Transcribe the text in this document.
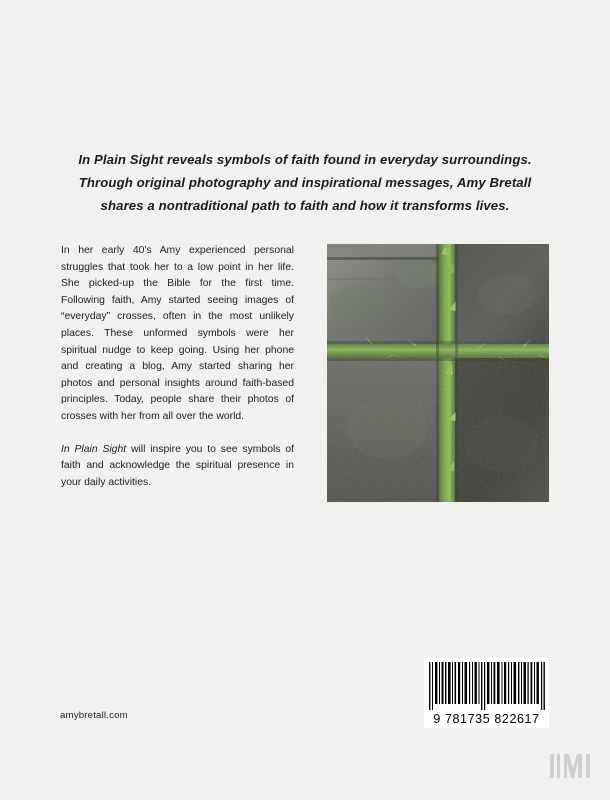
In Plain Sight reveals symbols of faith found in everyday surroundings.
Through original photography and inspirational messages, Amy Bretall
shares a nontraditional path to faith and how it transforms lives.

In her early 40's Amy experienced personal struggles that took her to a low point in her life. She picked-up the Bible for the first time. Following faith, Amy started seeing images of “everyday” crosses, often in the most unlikely places. These unformed symbols were her spiritual nudge to keep going. Using her phone and creating a blog, Amy started sharing her photos and personal insights around faith-based principles. Today, people share their photos of crosses with her from all over the world.

In Plain Sight will inspire you to see symbols of faith and acknowledge the spiritual presence in your daily activities.

amybretall.com	9 781735 822617
